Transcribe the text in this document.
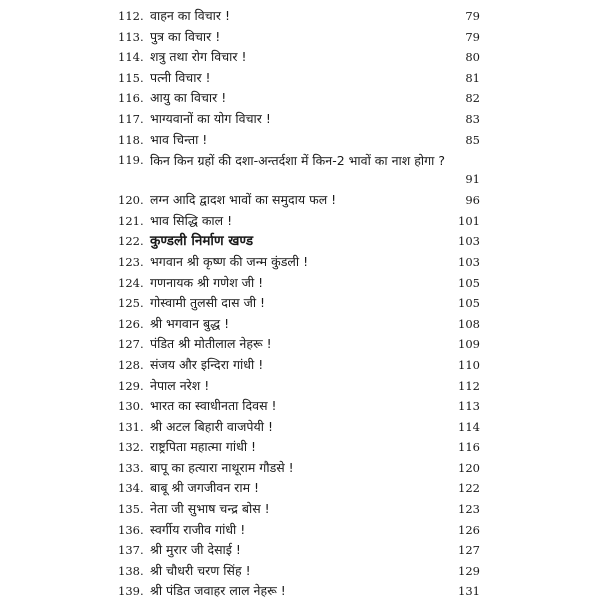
112. वाहन का विचार !	79
113. पुत्र का विचार !	79
114. शत्रु तथा रोग विचार !	80
115. पत्नी विचार !	81
116. आयु का विचार !	82
117. भाग्यवानों का योग विचार !	83
118. भाव चिन्ता !	85
119. किन किन ग्रहों की दशा-अन्तर्दशा में किन-2 भावों का नाश होगा ?
91
120. लग्न आदि द्वादश भावों का समुदाय फल !	96
121. भाव सिद्धि काल !	101
122. कुण्डली निर्माण खण्ड	103
123. भगवान श्री कृष्ण की जन्म कुंडली !	103
124. गणनायक श्री गणेश जी !	105
125. गोस्वामी तुलसी दास जी !	105
126. श्री भगवान बुद्ध !	108
127. पंडित श्री मोतीलाल नेहरू !	109
128. संजय और इन्दिरा गांधी !	110
129. नेपाल नरेश !	112
130. भारत का स्वाधीनता दिवस !	113
131. श्री अटल बिहारी वाजपेयी !	114
132. राष्ट्रपिता महात्मा गांधी !	116
133. बापू का हत्यारा नाथूराम गौडसे !	120
134. बाबू श्री जगजीवन राम !	122
135. नेता जी सुभाष चन्द्र बोस !	123
136. स्वर्गीय राजीव गांधी !	126
137. श्री मुरार जी देसाई !	127
138. श्री चौधरी चरण सिंह !	129
139. श्री पंडित जवाहर लाल नेहरू !	131
